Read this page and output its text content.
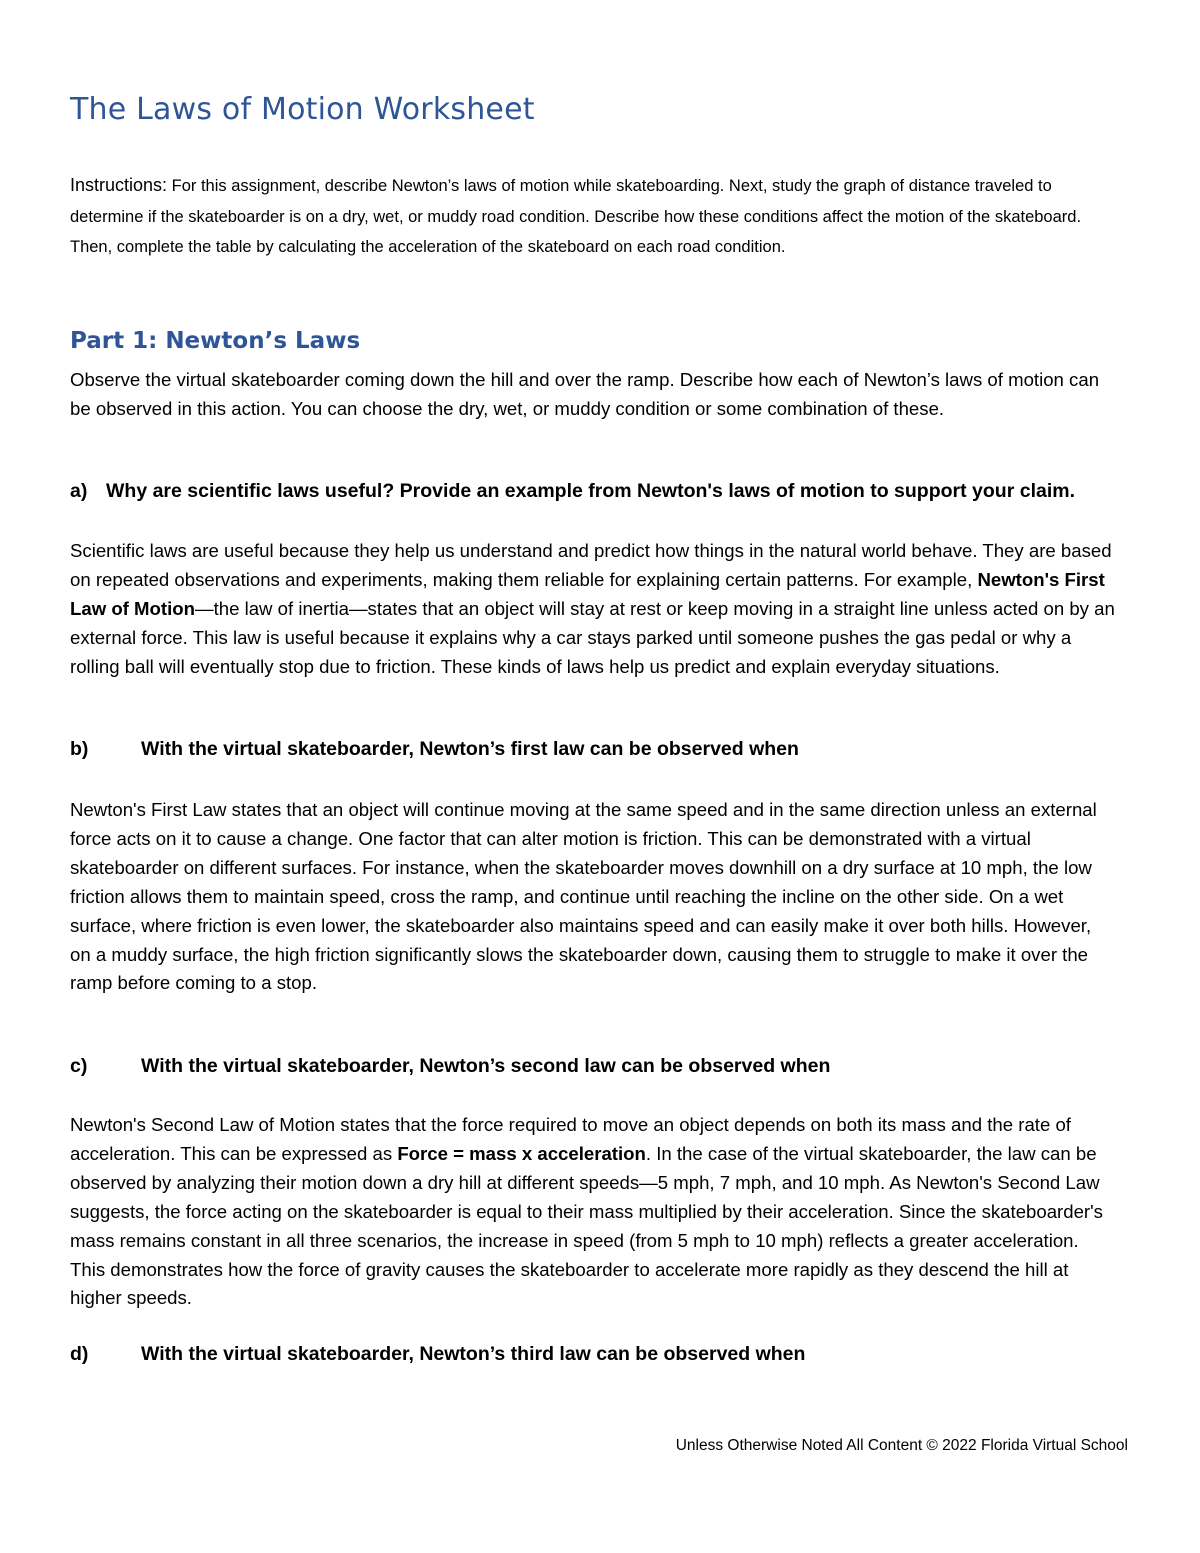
The Laws of Motion Worksheet

Instructions: For this assignment, describe Newton’s laws of motion while skateboarding. Next, study the graph of distance traveled to determine if the skateboarder is on a dry, wet, or muddy road condition. Describe how these conditions affect the motion of the skateboard. Then, complete the table by calculating the acceleration of the skateboard on each road condition.

Part 1: Newton’s Laws

Observe the virtual skateboarder coming down the hill and over the ramp. Describe how each of Newton’s laws of motion can be observed in this action. You can choose the dry, wet, or muddy condition or some combination of these.

a) Why are scientific laws useful? Provide an example from Newton's laws of motion to support your claim.

Scientific laws are useful because they help us understand and predict how things in the natural world behave. They are based on repeated observations and experiments, making them reliable for explaining certain patterns. For example, Newton's First Law of Motion—the law of inertia—states that an object will stay at rest or keep moving in a straight line unless acted on by an external force. This law is useful because it explains why a car stays parked until someone pushes the gas pedal or why a rolling ball will eventually stop due to friction. These kinds of laws help us predict and explain everyday situations.

b)	With the virtual skateboarder, Newton’s first law can be observed when

Newton's First Law states that an object will continue moving at the same speed and in the same direction unless an external force acts on it to cause a change. One factor that can alter motion is friction. This can be demonstrated with a virtual skateboarder on different surfaces. For instance, when the skateboarder moves downhill on a dry surface at 10 mph, the low friction allows them to maintain speed, cross the ramp, and continue until reaching the incline on the other side. On a wet surface, where friction is even lower, the skateboarder also maintains speed and can easily make it over both hills. However, on a muddy surface, the high friction significantly slows the skateboarder down, causing them to struggle to make it over the ramp before coming to a stop.

c)	With the virtual skateboarder, Newton’s second law can be observed when

Newton's Second Law of Motion states that the force required to move an object depends on both its mass and the rate of acceleration. This can be expressed as Force = mass x acceleration. In the case of the virtual skateboarder, the law can be observed by analyzing their motion down a dry hill at different speeds—5 mph, 7 mph, and 10 mph. As Newton's Second Law suggests, the force acting on the skateboarder is equal to their mass multiplied by their acceleration. Since the skateboarder's mass remains constant in all three scenarios, the increase in speed (from 5 mph to 10 mph) reflects a greater acceleration. This demonstrates how the force of gravity causes the skateboarder to accelerate more rapidly as they descend the hill at higher speeds.

d)	With the virtual skateboarder, Newton’s third law can be observed when

Unless Otherwise Noted All Content © 2022 Florida Virtual School
